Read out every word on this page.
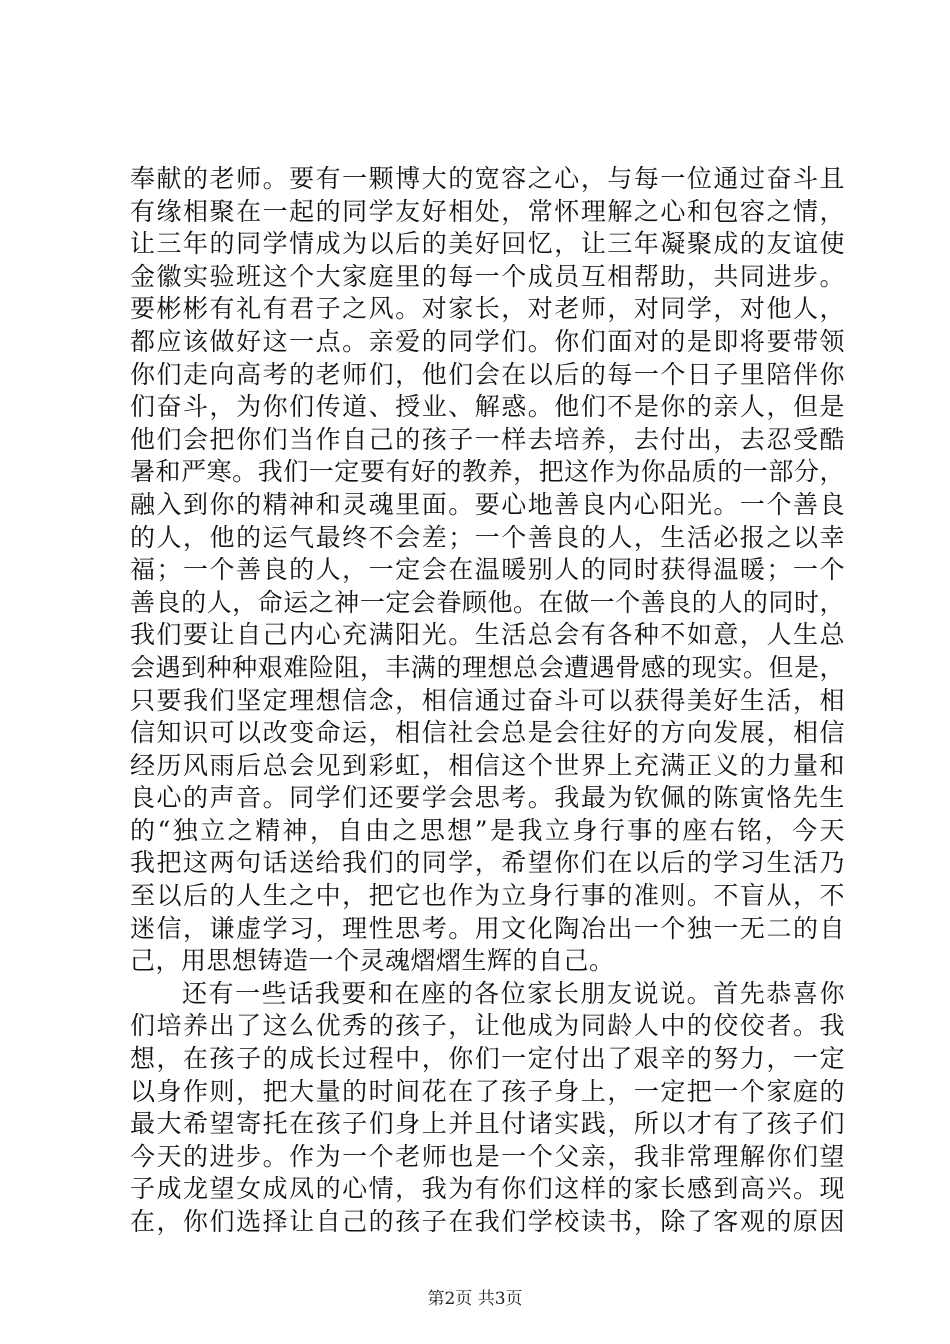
奉献的老师。要有一颗博大的宽容之心，与每一位通过奋斗且
有缘相聚在一起的同学友好相处，常怀理解之心和包容之情，
让三年的同学情成为以后的美好回忆，让三年凝聚成的友谊使
金徽实验班这个大家庭里的每一个成员互相帮助，共同进步。
要彬彬有礼有君子之风。对家长，对老师，对同学，对他人，
都应该做好这一点。亲爱的同学们。你们面对的是即将要带领
你们走向高考的老师们，他们会在以后的每一个日子里陪伴你
们奋斗，为你们传道、授业、解惑。他们不是你的亲人，但是
他们会把你们当作自己的孩子一样去培养，去付出，去忍受酷
暑和严寒。我们一定要有好的教养，把这作为你品质的一部分，
融入到你的精神和灵魂里面。要心地善良内心阳光。一个善良
的人，他的运气最终不会差；一个善良的人，生活必报之以幸
福；一个善良的人，一定会在温暖别人的同时获得温暖；一个
善良的人，命运之神一定会眷顾他。在做一个善良的人的同时，
我们要让自己内心充满阳光。生活总会有各种不如意，人生总
会遇到种种艰难险阻，丰满的理想总会遭遇骨感的现实。但是，
只要我们坚定理想信念，相信通过奋斗可以获得美好生活，相
信知识可以改变命运，相信社会总是会往好的方向发展，相信
经历风雨后总会见到彩虹，相信这个世界上充满正义的力量和
良心的声音。同学们还要学会思考。我最为钦佩的陈寅恪先生
的“独立之精神，自由之思想”是我立身行事的座右铭，今天
我把这两句话送给我们的同学，希望你们在以后的学习生活乃
至以后的人生之中，把它也作为立身行事的准则。不盲从，不
迷信，谦虚学习，理性思考。用文化陶冶出一个独一无二的自
己，用思想铸造一个灵魂熠熠生辉的自己。
还有一些话我要和在座的各位家长朋友说说。首先恭喜你
们培养出了这么优秀的孩子，让他成为同龄人中的佼佼者。我
想，在孩子的成长过程中，你们一定付出了艰辛的努力，一定
以身作则，把大量的时间花在了孩子身上，一定把一个家庭的
最大希望寄托在孩子们身上并且付诸实践，所以才有了孩子们
今天的进步。作为一个老师也是一个父亲，我非常理解你们望
子成龙望女成凤的心情，我为有你们这样的家长感到高兴。现
在，你们选择让自己的孩子在我们学校读书，除了客观的原因
第2页 共3页
